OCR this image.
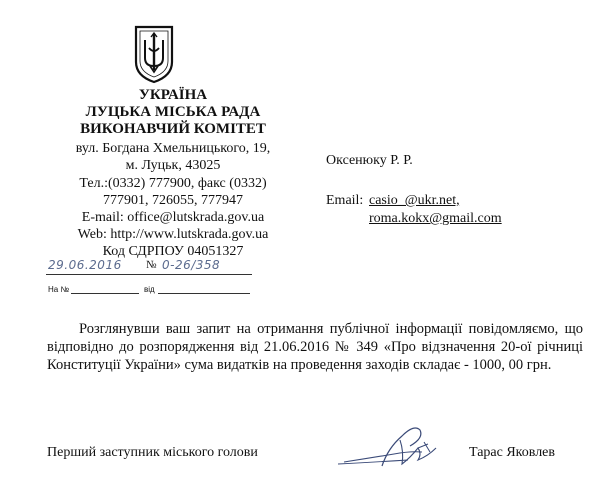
УКРАЇНА
ЛУЦЬКА МІСЬКА РАДА
ВИКОНАВЧИЙ КОМІТЕТ
вул. Богдана Хмельницького, 19,
м. Луцьк, 43025
Тел.:(0332) 777900, факс (0332)
777901, 726055, 777947
E-mail: office@lutskrada.gov.ua
Web: http://www.lutskrada.gov.ua
Код СДРПОУ 04051327
29.06.2016 № 0-26/358
На №	від
Оксенюку Р. Р.
Email: casio_@ukr.net,
roma.kokx@gmail.com
Розглянувши ваш запит на отримання публічної інформації повідомляємо, що відповідно до розпорядження від 21.06.2016 № 349 «Про відзначення 20-ої річниці Конституції України» сума видатків на проведення заходів складає - 1000, 00 грн.
Перший заступник міського голови	Тарас Яковлев
